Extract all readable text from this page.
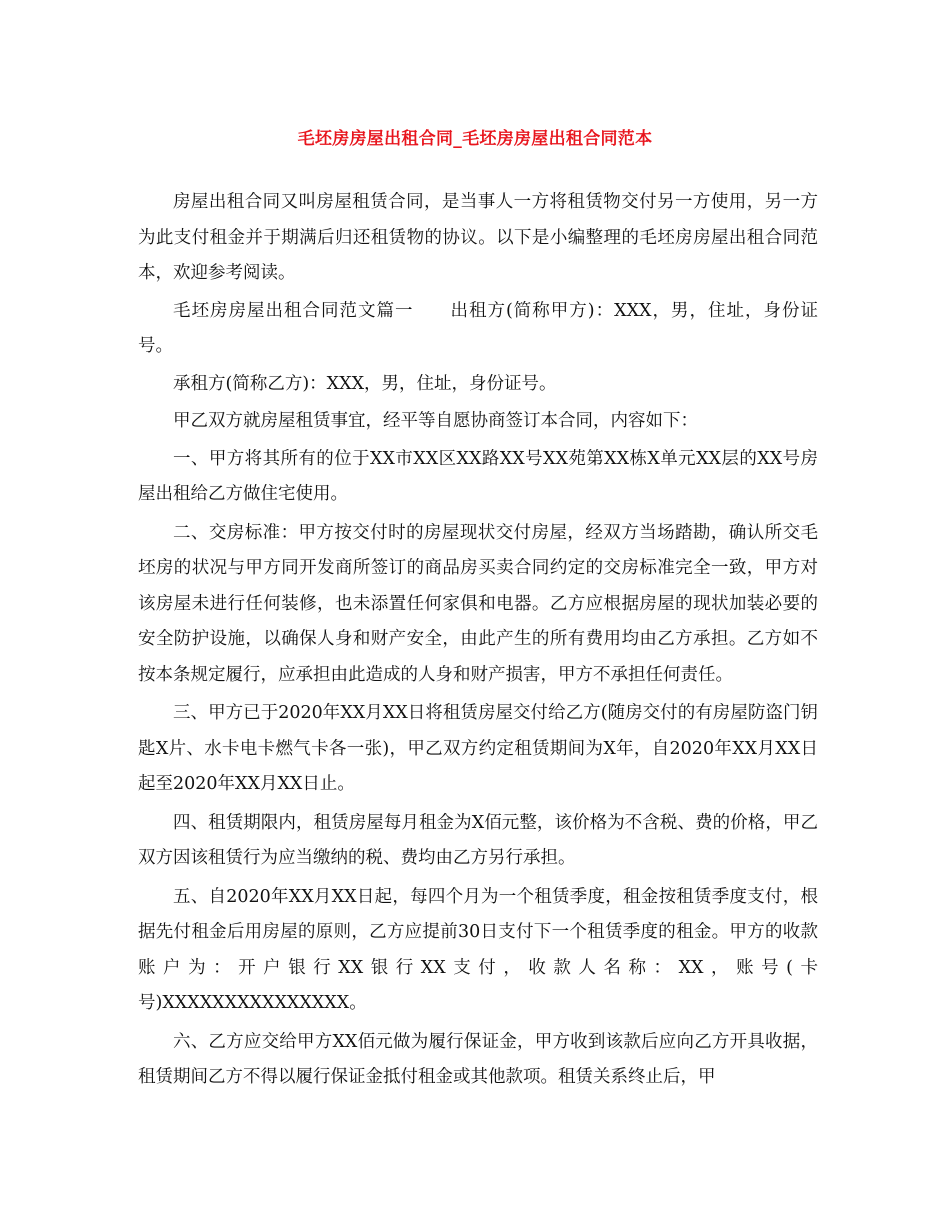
毛坯房房屋出租合同_毛坯房房屋出租合同范本

房屋出租合同又叫房屋租赁合同，是当事人一方将租赁物交付另一方使用，另一方为此支付租金并于期满后归还租赁物的协议。以下是小编整理的毛坯房房屋出租合同范本，欢迎参考阅读。

毛坯房房屋出租合同范文篇一　　出租方(简称甲方)：XXX，男，住址，身份证号。

承租方(简称乙方)：XXX，男，住址，身份证号。

甲乙双方就房屋租赁事宜，经平等自愿协商签订本合同，内容如下：

一、甲方将其所有的位于XX市XX区XX路XX号XX苑第XX栋X单元XX层的XX号房屋出租给乙方做住宅使用。

二、交房标准：甲方按交付时的房屋现状交付房屋，经双方当场踏勘，确认所交毛坯房的状况与甲方同开发商所签订的商品房买卖合同约定的交房标准完全一致，甲方对该房屋未进行任何装修，也未添置任何家俱和电器。乙方应根据房屋的现状加装必要的安全防护设施，以确保人身和财产安全，由此产生的所有费用均由乙方承担。乙方如不按本条规定履行，应承担由此造成的人身和财产损害，甲方不承担任何责任。

三、甲方已于2020年XX月XX日将租赁房屋交付给乙方(随房交付的有房屋防盗门钥匙X片、水卡电卡燃气卡各一张)，甲乙双方约定租赁期间为X年，自2020年XX月XX日起至2020年XX月XX日止。

四、租赁期限内，租赁房屋每月租金为X佰元整，该价格为不含税、费的价格，甲乙双方因该租赁行为应当缴纳的税、费均由乙方另行承担。

五、自2020年XX月XX日起，每四个月为一个租赁季度，租金按租赁季度支付，根据先付租金后用房屋的原则，乙方应提前30日支付下一个租赁季度的租金。甲方的收款账户为：开户银行XX银行XX支付，收款人名称：XX，账号(卡号)XXXXXXXXXXXXXXX。

六、乙方应交给甲方XX佰元做为履行保证金，甲方收到该款后应向乙方开具收据，租赁期间乙方不得以履行保证金抵付租金或其他款项。租赁关系终止后，甲
